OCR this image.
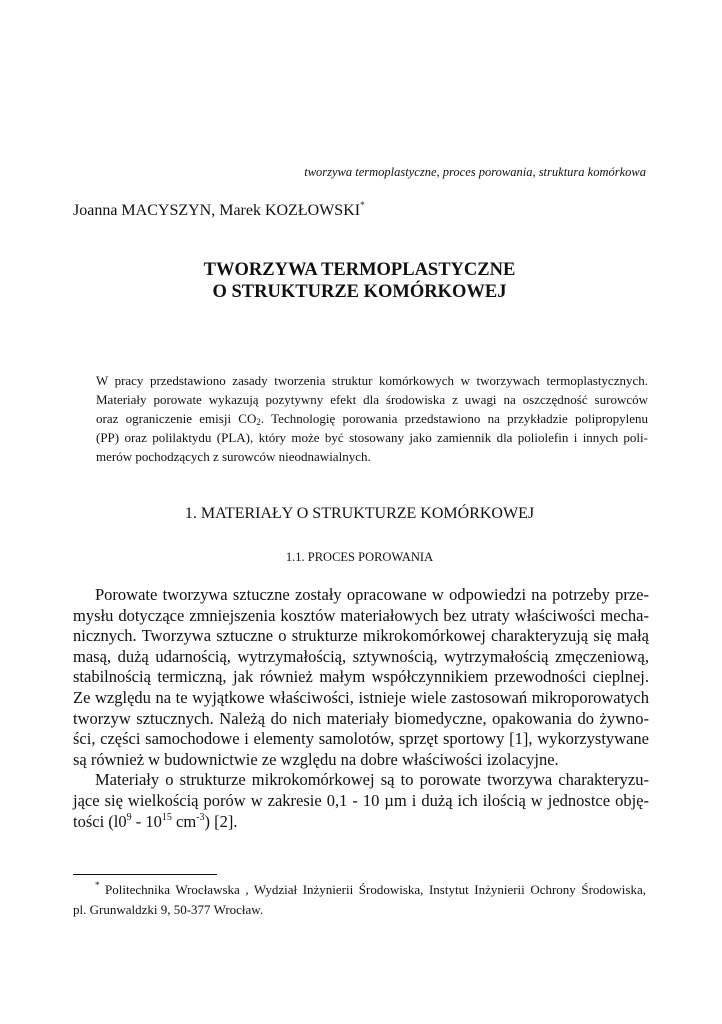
tworzywa termoplastyczne, proces porowania, struktura komórkowa
Joanna MACYSZYN, Marek KOZŁOWSKI*
TWORZYWA TERMOPLASTYCZNE
O STRUKTURZE KOMÓRKOWEJ
W pracy przedstawiono zasady tworzenia struktur komórkowych w tworzywach termoplastycznych.
Materiały porowate wykazują pozytywny efekt dla środowiska z uwagi na oszczędność surowców
oraz ograniczenie emisji $CO_2$. Technologię porowania przedstawiono na przykładzie polipropylenu
(PP) oraz polilaktydu (PLA), który może być stosowany jako zamiennik dla poliolefin i innych poli-
merów pochodzących z surowców nieodnawialnych.
1. MATERIAŁY O STRUKTURZE KOMÓRKOWEJ
1.1. PROCES POROWANIA
Porowate tworzywa sztuczne zostały opracowane w odpowiedzi na potrzeby prze-
mysłu dotyczące zmniejszenia kosztów materiałowych bez utraty właściwości mecha-
nicznych. Tworzywa sztuczne o strukturze mikrokomórkowej charakteryzują się małą
masą, dużą udarnością, wytrzymałością, sztywnością, wytrzymałością zmęczeniową,
stabilnością termiczną, jak również małym współczynnikiem przewodności cieplnej.
Ze względu na te wyjątkowe właściwości, istnieje wiele zastosowań mikroporowatych
tworzyw sztucznych. Należą do nich materiały biomedyczne, opakowania do żywno-
ści, części samochodowe i elementy samolotów, sprzęt sportowy [1], wykorzystywane
są również w budownictwie ze względu na dobre właściwości izolacyjne.
Materiały o strukturze mikrokomórkowej są to porowate tworzywa charakteryzu-
jące się wielkością porów w zakresie 0,1 - 10 µm i dużą ich ilością w jednostce obję-
tości ($l0^9 - 10^{15}$ $cm^{-3}$) [2].
* Politechnika Wrocławska , Wydział Inżynierii Środowiska, Instytut Inżynierii Ochrony Środowiska,
pl. Grunwaldzki 9, 50-377 Wrocław.
